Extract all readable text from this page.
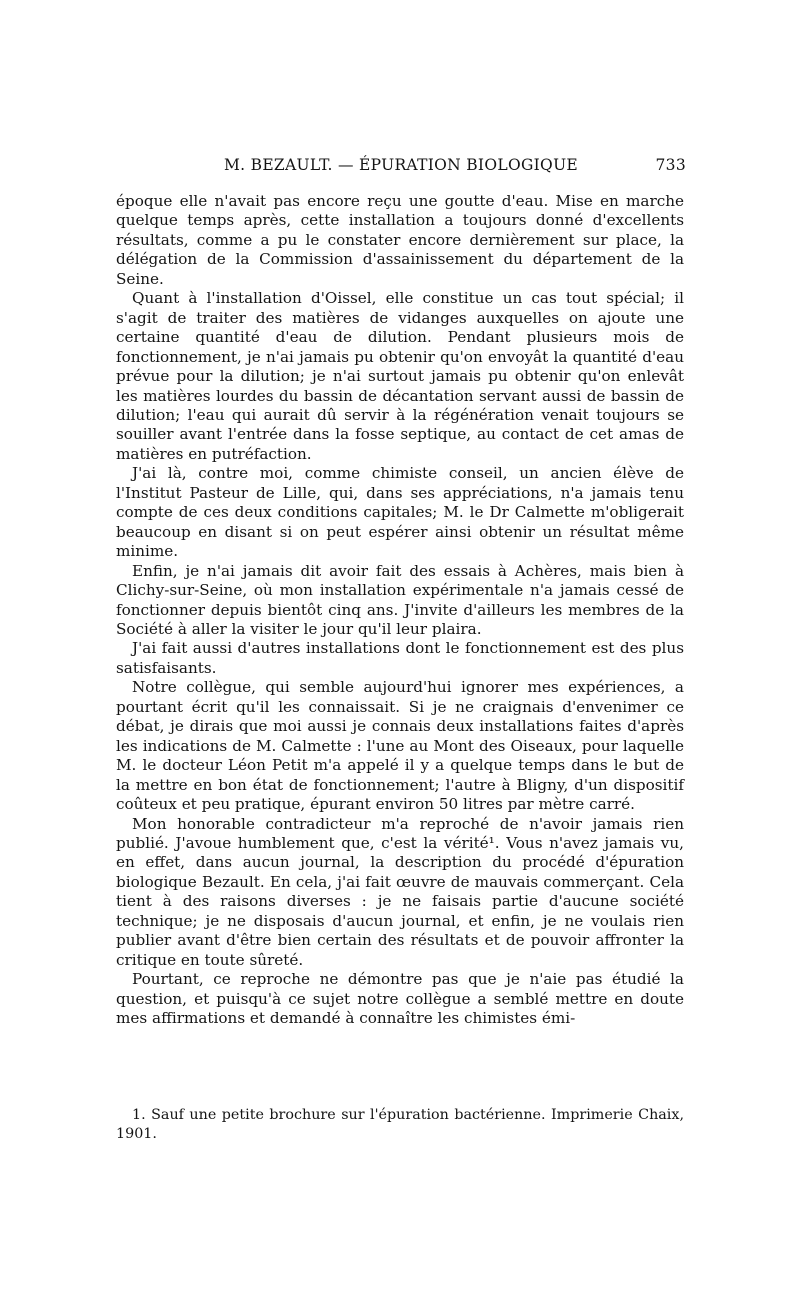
M. BEZAULT. — ÉPURATION BIOLOGIQUE	733

époque elle n'avait pas encore reçu une goutte d'eau. Mise en marche quelque temps après, cette installation a toujours donné d'excellents résultats, comme a pu le constater encore dernièrement sur place, la délégation de la Commission d'assainissement du département de la Seine.

Quant à l'installation d'Oissel, elle constitue un cas tout spécial; il s'agit de traiter des matières de vidanges auxquelles on ajoute une certaine quantité d'eau de dilution. Pendant plusieurs mois de fonctionnement, je n'ai jamais pu obtenir qu'on envoyât la quantité d'eau prévue pour la dilution; je n'ai surtout jamais pu obtenir qu'on enlevât les matières lourdes du bassin de décantation servant aussi de bassin de dilution; l'eau qui aurait dû servir à la régénération venait toujours se souiller avant l'entrée dans la fosse septique, au contact de cet amas de matières en putréfaction.

J'ai là, contre moi, comme chimiste conseil, un ancien élève de l'Institut Pasteur de Lille, qui, dans ses appréciations, n'a jamais tenu compte de ces deux conditions capitales; M. le Dr Calmette m'obligerait beaucoup en disant si on peut espérer ainsi obtenir un résultat même minime.

Enfin, je n'ai jamais dit avoir fait des essais à Achères, mais bien à Clichy-sur-Seine, où mon installation expérimentale n'a jamais cessé de fonctionner depuis bientôt cinq ans. J'invite d'ailleurs les membres de la Société à aller la visiter le jour qu'il leur plaira.

J'ai fait aussi d'autres installations dont le fonctionnement est des plus satisfaisants.

Notre collègue, qui semble aujourd'hui ignorer mes expériences, a pourtant écrit qu'il les connaissait. Si je ne craignais d'envenimer ce débat, je dirais que moi aussi je connais deux installations faites d'après les indications de M. Calmette : l'une au Mont des Oiseaux, pour laquelle M. le docteur Léon Petit m'a appelé il y a quelque temps dans le but de la mettre en bon état de fonctionnement; l'autre à Bligny, d'un dispositif coûteux et peu pratique, épurant environ 50 litres par mètre carré.

Mon honorable contradicteur m'a reproché de n'avoir jamais rien publié. J'avoue humblement que, c'est la vérité¹. Vous n'avez jamais vu, en effet, dans aucun journal, la description du procédé d'épuration biologique Bezault. En cela, j'ai fait œuvre de mauvais commerçant. Cela tient à des raisons diverses : je ne faisais partie d'aucune société technique; je ne disposais d'aucun journal, et enfin, je ne voulais rien publier avant d'être bien certain des résultats et de pouvoir affronter la critique en toute sûreté.

Pourtant, ce reproche ne démontre pas que je n'aie pas étudié la question, et puisqu'à ce sujet notre collègue a semblé mettre en doute mes affirmations et demandé à connaître les chimistes émi-

1. Sauf une petite brochure sur l'épuration bactérienne. Imprimerie Chaix, 1901.
